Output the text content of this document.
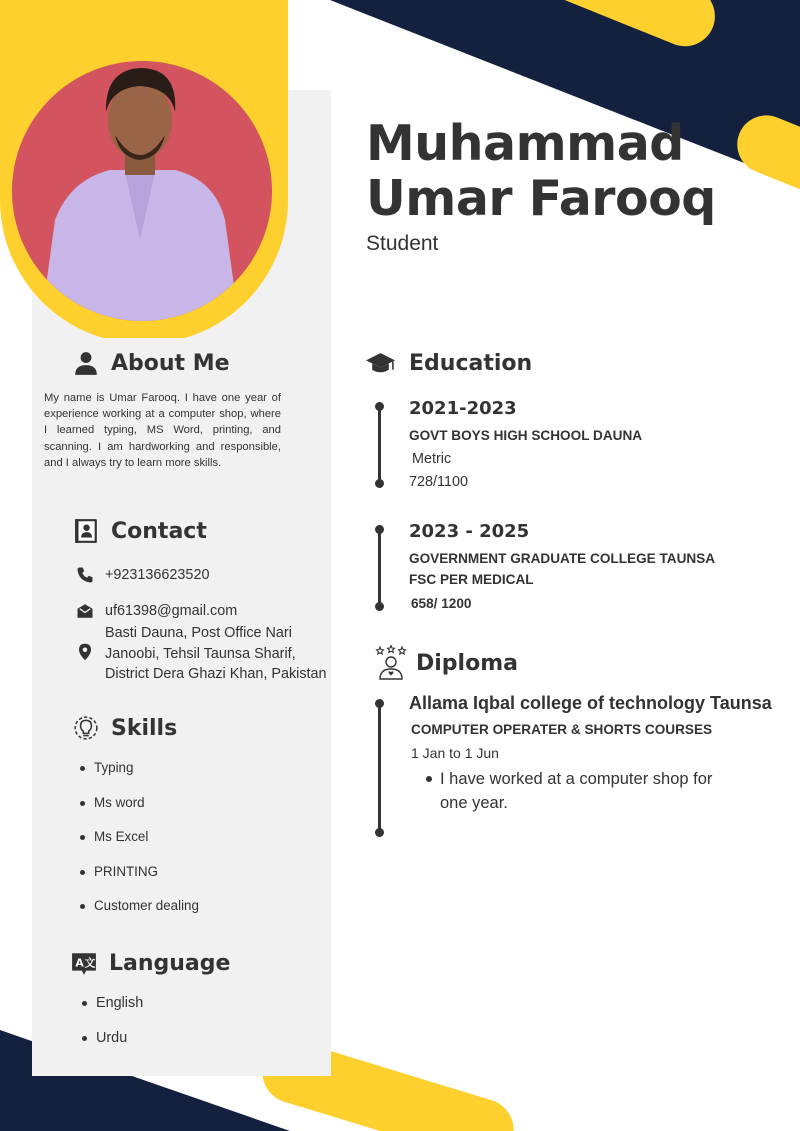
Muhammad
Umar Farooq
Student
About Me
My name is Umar Farooq. I have one year of experience working at a computer shop, where I learned typing, MS Word, printing, and scanning. I am hardworking and responsible, and I always try to learn more skills.
Contact
+923136623520
uf61398@gmail.com
Basti Dauna, Post Office Nari
Janoobi, Tehsil Taunsa Sharif,
District Dera Ghazi Khan, Pakistan
Skills
Typing
Ms word
Ms Excel
PRINTING
Customer dealing
A 文 Language
English
Urdu
Education
2021-2023
GOVT BOYS HIGH SCHOOL DAUNA
Metric
728/1100
2023 - 2025
GOVERNMENT GRADUATE COLLEGE TAUNSA
FSC PER MEDICAL
658/ 1200
Diploma
Allama Iqbal college of technology Taunsa
COMPUTER OPERATER & SHORTS COURSES
1 Jan to 1 Jun
I have worked at a computer shop for
one year.
